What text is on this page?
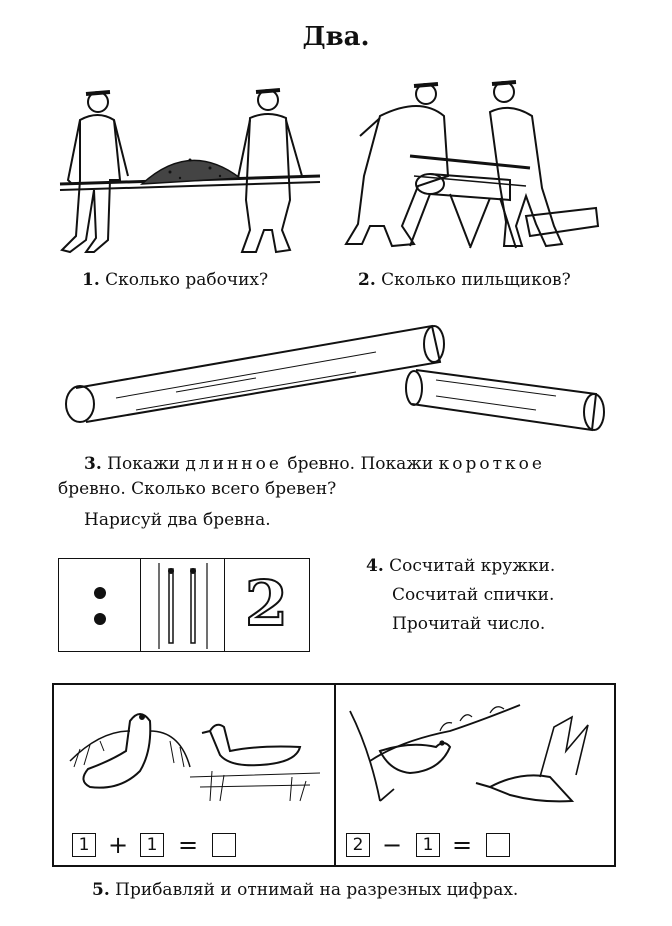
Два.
1. Сколько рабочих?	2. Сколько пильщиков?
3. Покажи длинное бревно. Покажи короткое
бревно. Сколько всего бревен?
Нарисуй два бревна.
2
4. Сосчитай кружки.
Сосчитай спички.
Прочитай число.
1 +	1 =	2 −	1 =
5. Прибавляй и отнимай на разрезных цифрах.
